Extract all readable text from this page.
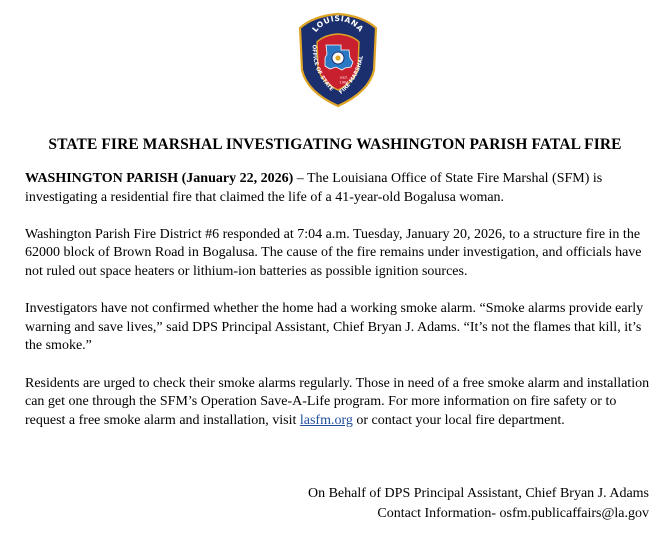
LOUISIANA
OFFICE OF STATE FIRE MARSHAL
EST.
1904
STATE FIRE MARSHAL INVESTIGATING WASHINGTON PARISH FATAL FIRE

WASHINGTON PARISH (January 22, 2026) – The Louisiana Office of State Fire Marshal (SFM) is investigating a residential fire that claimed the life of a 41-year-old Bogalusa woman.

Washington Parish Fire District #6 responded at 7:04 a.m. Tuesday, January 20, 2026, to a structure fire in the 62000 block of Brown Road in Bogalusa. The cause of the fire remains under investigation, and officials have not ruled out space heaters or lithium-ion batteries as possible ignition sources.

Investigators have not confirmed whether the home had a working smoke alarm. “Smoke alarms provide early warning and save lives,” said DPS Principal Assistant, Chief Bryan J. Adams. “It’s not the flames that kill, it’s the smoke.”

Residents are urged to check their smoke alarms regularly. Those in need of a free smoke alarm and installation can get one through the SFM’s Operation Save-A-Life program. For more information on fire safety or to request a free smoke alarm and installation, visit lasfm.org or contact your local fire department.

On Behalf of DPS Principal Assistant, Chief Bryan J. Adams
Contact Information- osfm.publicaffairs@la.gov
